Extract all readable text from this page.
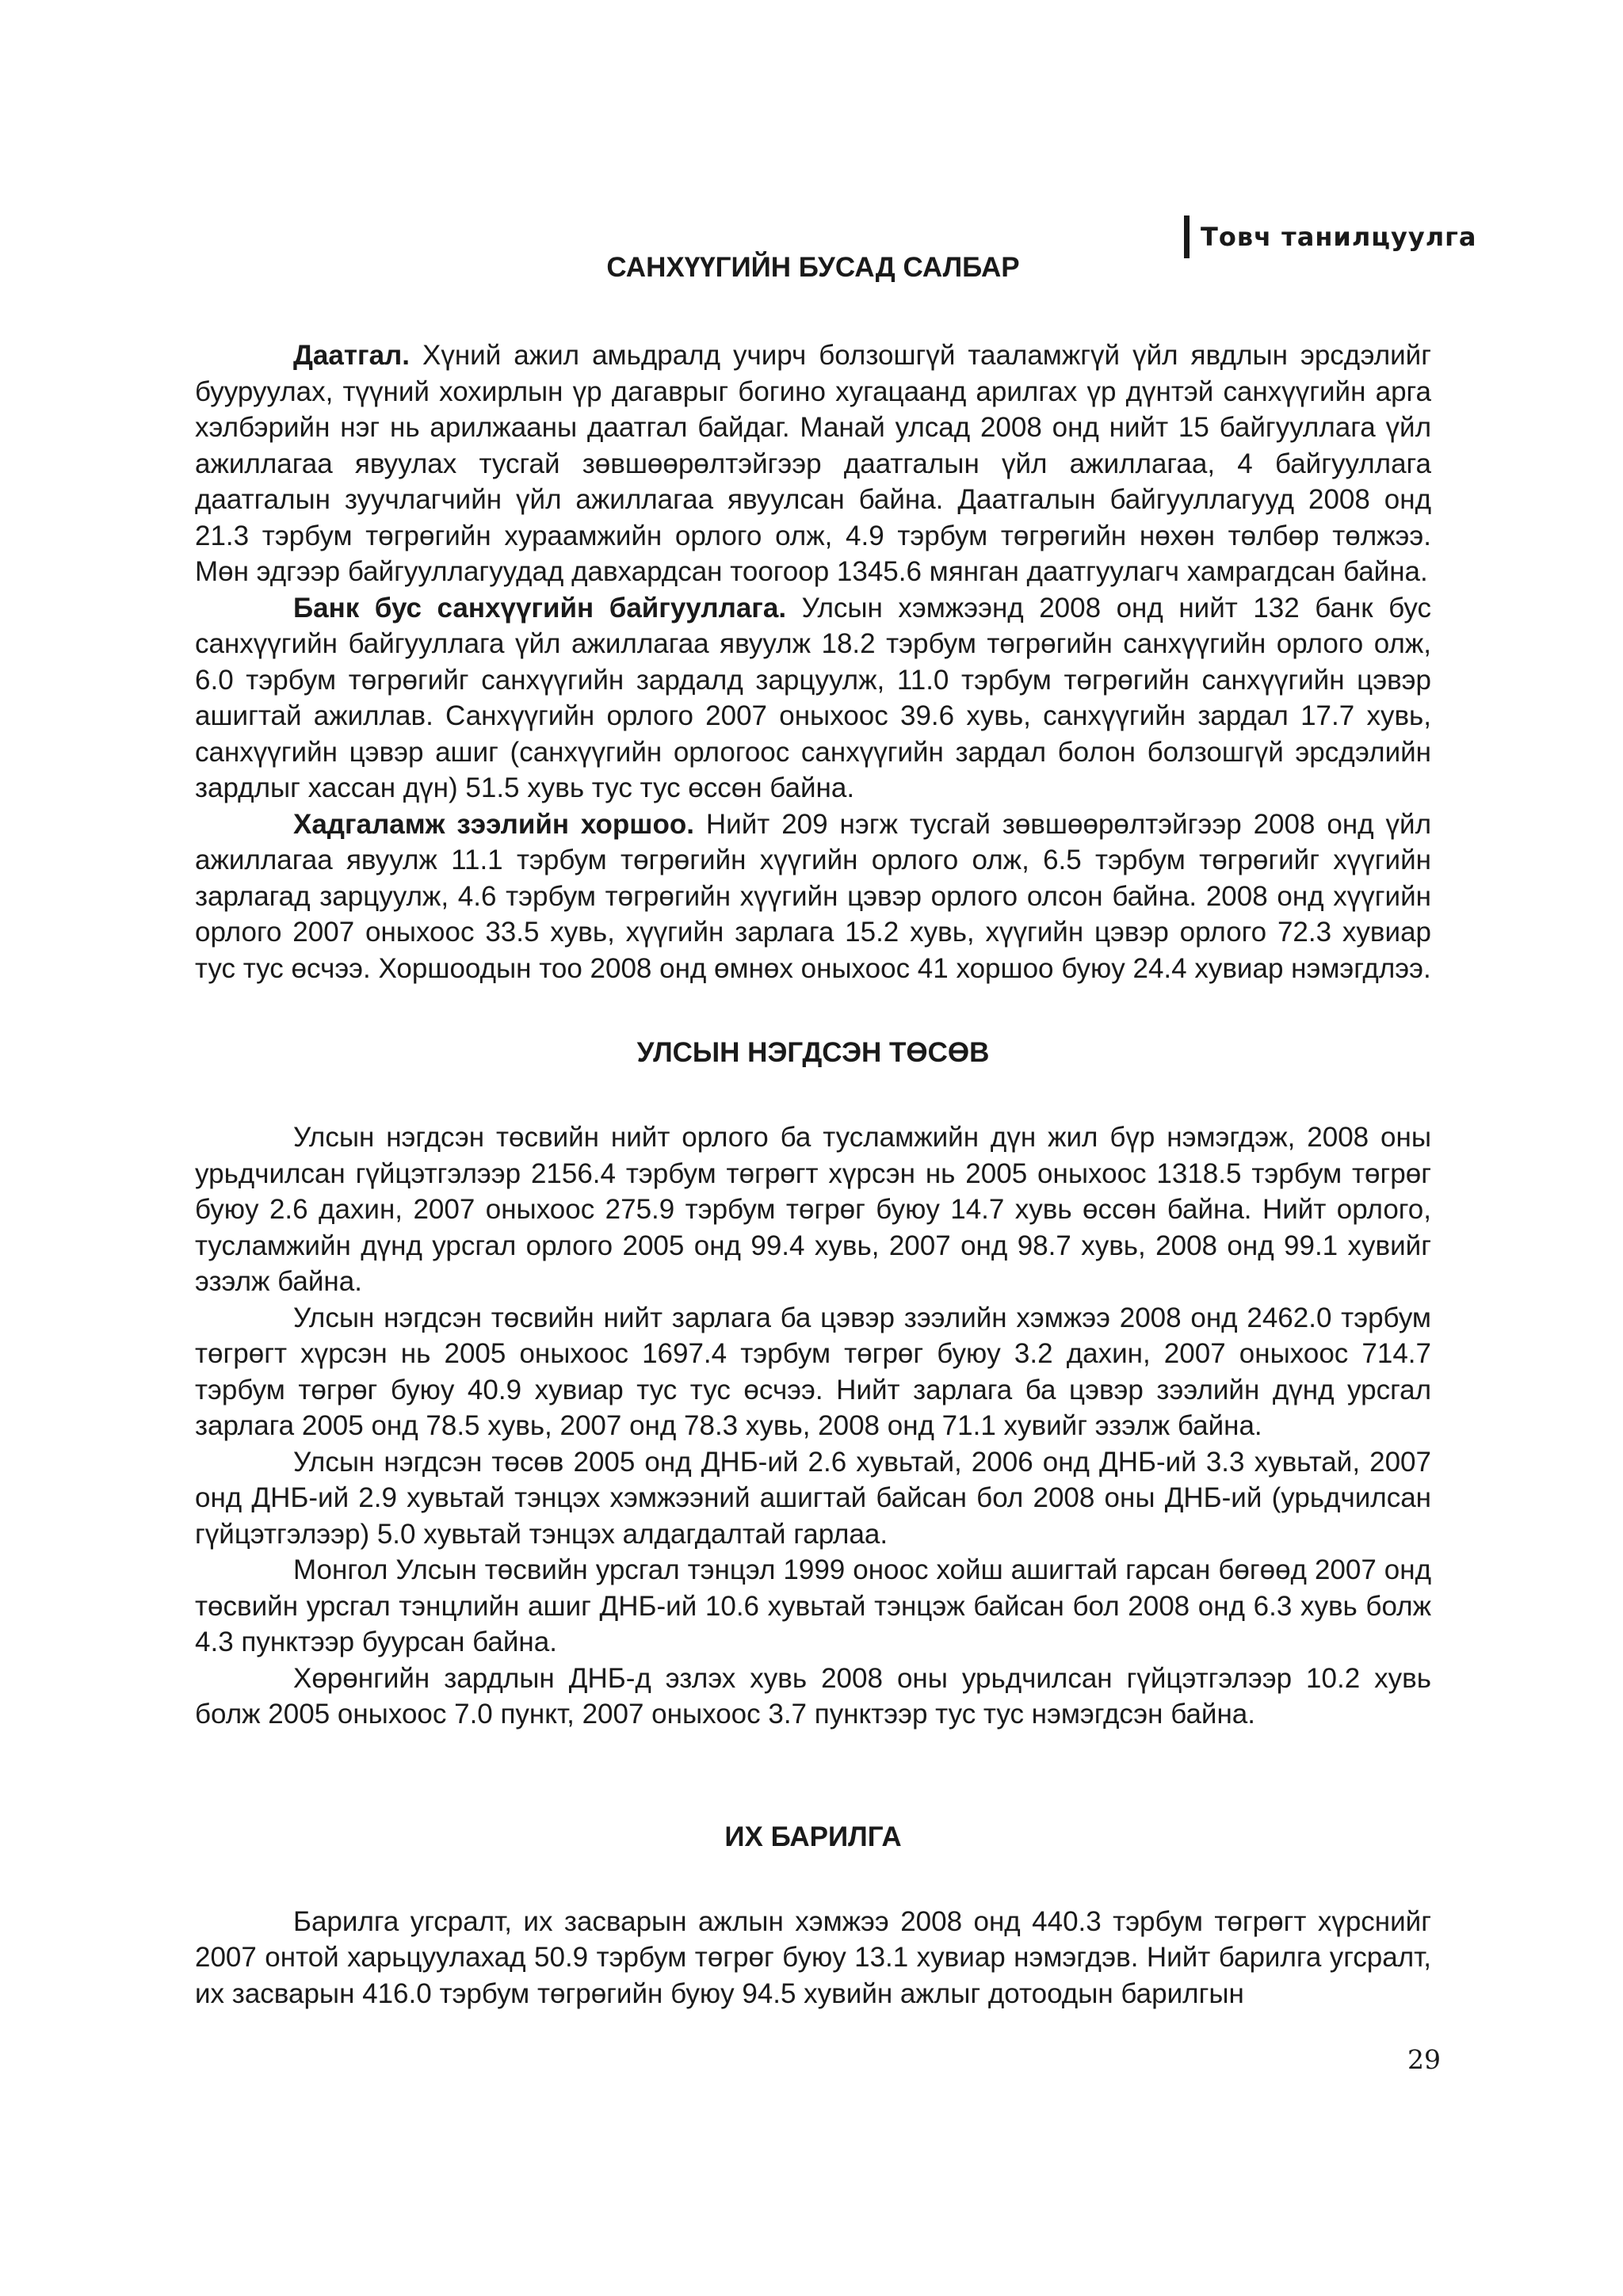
Товч танилцуулга
САНХҮҮГИЙН БУСАД САЛБАР

Даатгал. Хүний ажил амьдралд учирч болзошгүй тааламжгүй үйл явдлын эрсдэлийг бууруулах, түүний хохирлын үр дагаврыг богино хугацаанд арилгах үр дүнтэй санхүүгийн арга хэлбэрийн нэг нь арилжааны даатгал байдаг. Манай улсад 2008 онд нийт 15 байгууллага үйл ажиллагаа явуулах тусгай зөвшөөрөлтэйгээр даатгалын үйл ажиллагаа, 4 байгууллага даатгалын зуучлагчийн үйл ажиллагаа явуулсан байна. Даатгалын байгууллагууд 2008 онд 21.3 тэрбум төгрөгийн хураамжийн орлого олж, 4.9 тэрбум төгрөгийн нөхөн төлбөр төлжээ. Мөн эдгээр байгууллагуудад давхардсан тоогоор 1345.6 мянган даатгуулагч хамрагдсан байна.

Банк бус санхүүгийн байгууллага. Улсын хэмжээнд 2008 онд нийт 132 банк бус санхүүгийн байгууллага үйл ажиллагаа явуулж 18.2 тэрбум төгрөгийн санхүүгийн орлого олж, 6.0 тэрбум төгрөгийг санхүүгийн зардалд зарцуулж, 11.0 тэрбум төгрөгийн санхүүгийн цэвэр ашигтай ажиллав. Санхүүгийн орлого 2007 оныхоос 39.6 хувь, санхүүгийн зардал 17.7 хувь, санхүүгийн цэвэр ашиг (санхүүгийн орлогоос санхүүгийн зардал болон болзошгүй эрсдэлийн зардлыг хассан дүн) 51.5 хувь тус тус өссөн байна.

Хадгаламж зээлийн хоршоо. Нийт 209 нэгж тусгай зөвшөөрөлтэйгээр 2008 онд үйл ажиллагаа явуулж 11.1 тэрбум төгрөгийн хүүгийн орлого олж, 6.5 тэрбум төгрөгийг хүүгийн зарлагад зарцуулж, 4.6 тэрбум төгрөгийн хүүгийн цэвэр орлого олсон байна. 2008 онд хүүгийн орлого 2007 оныхоос 33.5 хувь, хүүгийн зарлага 15.2 хувь, хүүгийн цэвэр орлого 72.3 хувиар тус тус өсчээ. Хоршоодын тоо 2008 онд өмнөх оныхоос 41 хоршоо буюу 24.4 хувиар нэмэгдлээ.

УЛСЫН НЭГДСЭН ТӨСӨВ

Улсын нэгдсэн төсвийн нийт орлого ба тусламжийн дүн жил бүр нэмэгдэж, 2008 оны урьдчилсан гүйцэтгэлээр 2156.4 тэрбум төгрөгт хүрсэн нь 2005 оныхоос 1318.5 тэрбум төгрөг буюу 2.6 дахин, 2007 оныхоос 275.9 тэрбум төгрөг буюу 14.7 хувь өссөн байна. Нийт орлого, тусламжийн дүнд урсгал орлого 2005 онд 99.4 хувь, 2007 онд 98.7 хувь, 2008 онд 99.1 хувийг эзэлж байна.

Улсын нэгдсэн төсвийн нийт зарлага ба цэвэр зээлийн хэмжээ 2008 онд 2462.0 тэрбум төгрөгт хүрсэн нь 2005 оныхоос 1697.4 тэрбум төгрөг буюу 3.2 дахин, 2007 оныхоос 714.7 тэрбум төгрөг буюу 40.9 хувиар тус тус өсчээ. Нийт зарлага ба цэвэр зээлийн дүнд урсгал зарлага 2005 онд 78.5 хувь, 2007 онд 78.3 хувь, 2008 онд 71.1 хувийг эзэлж байна.

Улсын нэгдсэн төсөв 2005 онд ДНБ-ий 2.6 хувьтай, 2006 онд ДНБ-ий 3.3 хувьтай, 2007 онд ДНБ-ий 2.9 хувьтай тэнцэх хэмжээний ашигтай байсан бол 2008 оны ДНБ-ий (урьдчилсан гүйцэтгэлээр) 5.0 хувьтай тэнцэх алдагдалтай гарлаа.

Монгол Улсын төсвийн урсгал тэнцэл 1999 оноос хойш ашигтай гарсан бөгөөд 2007 онд төсвийн урсгал тэнцлийн ашиг ДНБ-ий 10.6 хувьтай тэнцэж байсан бол 2008 онд 6.3 хувь болж 4.3 пунктээр буурсан байна.

Хөрөнгийн зардлын ДНБ-д эзлэх хувь 2008 оны урьдчилсан гүйцэтгэлээр 10.2 хувь болж 2005 оныхоос 7.0 пункт, 2007 оныхоос 3.7 пунктээр тус тус нэмэгдсэн байна.

ИХ БАРИЛГА

Барилга угсралт, их засварын ажлын хэмжээ 2008 онд 440.3 тэрбум төгрөгт хүрснийг 2007 онтой харьцуулахад 50.9 тэрбум төгрөг буюу 13.1 хувиар нэмэгдэв. Нийт барилга угсралт, их засварын 416.0 тэрбум төгрөгийн буюу 94.5 хувийн ажлыг дотоодын барилгын

29
